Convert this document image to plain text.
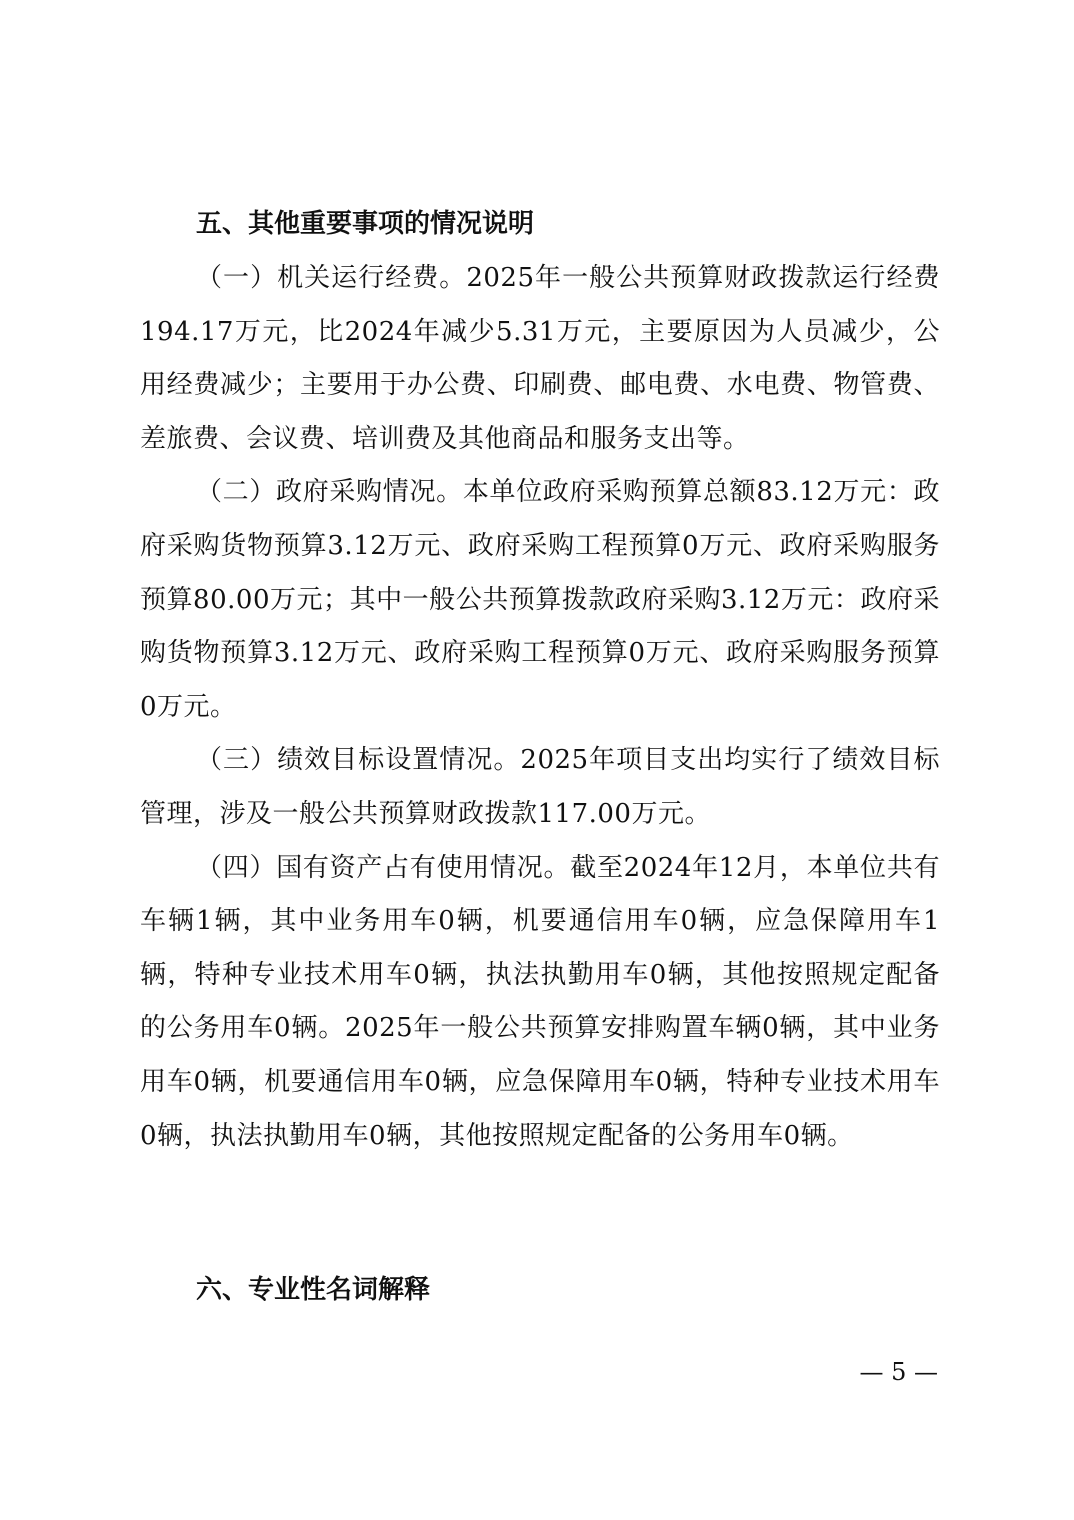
五、其他重要事项的情况说明

（一）机关运行经费。2025年一般公共预算财政拨款运行经费194.17万元，比2024年减少5.31万元，主要原因为人员减少，公用经费减少；主要用于办公费、印刷费、邮电费、水电费、物管费、差旅费、会议费、培训费及其他商品和服务支出等。

（二）政府采购情况。本单位政府采购预算总额83.12万元：政府采购货物预算3.12万元、政府采购工程预算0万元、政府采购服务预算80.00万元；其中一般公共预算拨款政府采购3.12万元：政府采购货物预算3.12万元、政府采购工程预算0万元、政府采购服务预算0万元。

（三）绩效目标设置情况。2025年项目支出均实行了绩效目标管理，涉及一般公共预算财政拨款117.00万元。

（四）国有资产占有使用情况。截至2024年12月，本单位共有车辆1辆，其中业务用车0辆，机要通信用车0辆，应急保障用车1辆，特种专业技术用车0辆，执法执勤用车0辆，其他按照规定配备的公务用车0辆。2025年一般公共预算安排购置车辆0辆，其中业务用车0辆，机要通信用车0辆，应急保障用车0辆，特种专业技术用车0辆，执法执勤用车0辆，其他按照规定配备的公务用车0辆。

六、专业性名词解释
— 5 —
